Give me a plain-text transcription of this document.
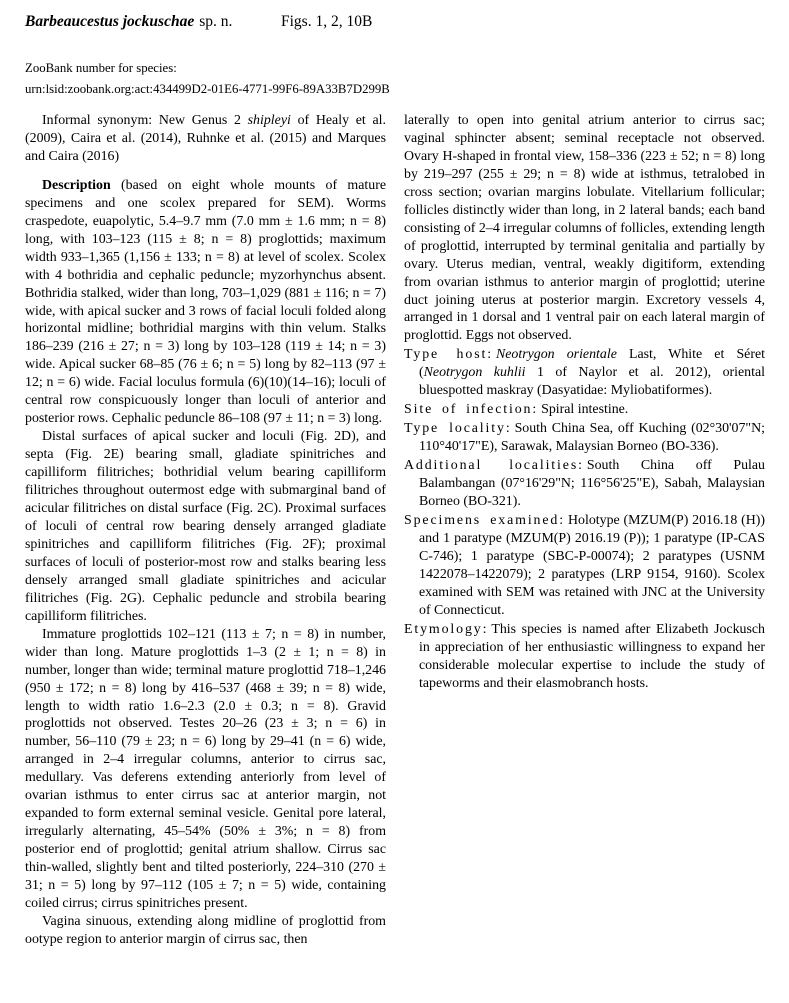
Barbeaucestus jockuschae sp. n.	Figs. 1, 2, 10B
ZooBank number for species:
urn:lsid:zoobank.org:act:434499D2-01E6-4771-99F6-89A33B7D299B

Informal synonym: New Genus 2 shipleyi of Healy et al. (2009), Caira et al. (2014), Ruhnke et al. (2015) and Marques and Caira (2016)

Description (based on eight whole mounts of mature specimens and one scolex prepared for SEM). Worms craspedote, euapolytic, 5.4–9.7 mm (7.0 mm ± 1.6 mm; n = 8) long, with 103–123 (115 ± 8; n = 8) proglottids; maximum width 933–1,365 (1,156 ± 133; n = 8) at level of scolex. Scolex with 4 bothridia and cephalic peduncle; myzorhynchus absent. Bothridia stalked, wider than long, 703–1,029 (881 ± 116; n = 7) wide, with apical sucker and 3 rows of facial loculi folded along horizontal midline; bothridial margins with thin velum. Stalks 186–239 (216 ± 27; n = 3) long by 103–128 (119 ± 14; n = 3) wide. Apical sucker 68–85 (76 ± 6; n = 5) long by 82–113 (97 ± 12; n = 6) wide. Facial loculus formula (6)(10)(14–16); loculi of central row conspicuously longer than loculi of anterior and posterior rows. Cephalic peduncle 86–108 (97 ± 11; n = 3) long.

Distal surfaces of apical sucker and loculi (Fig. 2D), and septa (Fig. 2E) bearing small, gladiate spinitriches and capilliform filitriches; bothridial velum bearing capilliform filitriches throughout outermost edge with submarginal band of acicular filitriches on distal surface (Fig. 2C). Proximal surfaces of loculi of central row bearing densely arranged gladiate spinitriches and capilliform filitriches (Fig. 2F); proximal surfaces of loculi of posterior-most row and stalks bearing less densely arranged small gladiate spinitriches and acicular filitriches (Fig. 2G). Cephalic peduncle and strobila bearing capilliform filitriches.

Immature proglottids 102–121 (113 ± 7; n = 8) in number, wider than long. Mature proglottids 1–3 (2 ± 1; n = 8) in number, longer than wide; terminal mature proglottid 718–1,246 (950 ± 172; n = 8) long by 416–537 (468 ± 39; n = 8) wide, length to width ratio 1.6–2.3 (2.0 ± 0.3; n = 8). Gravid proglottids not observed. Testes 20–26 (23 ± 3; n = 6) in number, 56–110 (79 ± 23; n = 6) long by 29–41 (n = 6) wide, arranged in 2–4 irregular columns, anterior to cirrus sac, medullary. Vas deferens extending anteriorly from level of ovarian isthmus to enter cirrus sac at anterior margin, not expanded to form external seminal vesicle. Genital pore lateral, irregularly alternating, 45–54% (50% ± 3%; n = 8) from posterior end of proglottid; genital atrium shallow. Cirrus sac thin-walled, slightly bent and tilted posteriorly, 224–310 (270 ± 31; n = 5) long by 97–112 (105 ± 7; n = 5) wide, containing coiled cirrus; cirrus spinitriches present.

Vagina sinuous, extending along midline of proglottid from ootype region to anterior margin of cirrus sac, then

laterally to open into genital atrium anterior to cirrus sac; vaginal sphincter absent; seminal receptacle not observed. Ovary H-shaped in frontal view, 158–336 (223 ± 52; n = 8) long by 219–297 (255 ± 29; n = 8) wide at isthmus, tetralobed in cross section; ovarian margins lobulate. Vitellarium follicular; follicles distinctly wider than long, in 2 lateral bands; each band consisting of 2–4 irregular columns of follicles, extending length of proglottid, interrupted by terminal genitalia and partially by ovary. Uterus median, ventral, weakly digitiform, extending from ovarian isthmus to anterior margin of proglottid; uterine duct joining uterus at posterior margin. Excretory vessels 4, arranged in 1 dorsal and 1 ventral pair on each lateral margin of proglottid. Eggs not observed.

Type host: Neotrygon orientale Last, White et Séret (Neotrygon kuhlii 1 of Naylor et al. 2012), oriental bluespotted maskray (Dasyatidae: Myliobatiformes).
Site of infection: Spiral intestine.
Type locality: South China Sea, off Kuching (02°30'07"N; 110°40'17"E), Sarawak, Malaysian Borneo (BO-336).
Additional localities: South China off Pulau Balambangan (07°16'29"N; 116°56'25"E), Sabah, Malaysian Borneo (BO-321).
Specimens examined: Holotype (MZUM(P) 2016.18 (H)) and 1 paratype (MZUM(P) 2016.19 (P)); 1 paratype (IP-CAS C-746); 1 paratype (SBC-P-00074); 2 paratypes (USNM 1422078–1422079); 2 paratypes (LRP 9154, 9160). Scolex examined with SEM was retained with JNC at the University of Connecticut.
Etymology: This species is named after Elizabeth Jockusch in appreciation of her enthusiastic willingness to expand her considerable molecular expertise to include the study of tapeworms and their elasmobranch hosts.
